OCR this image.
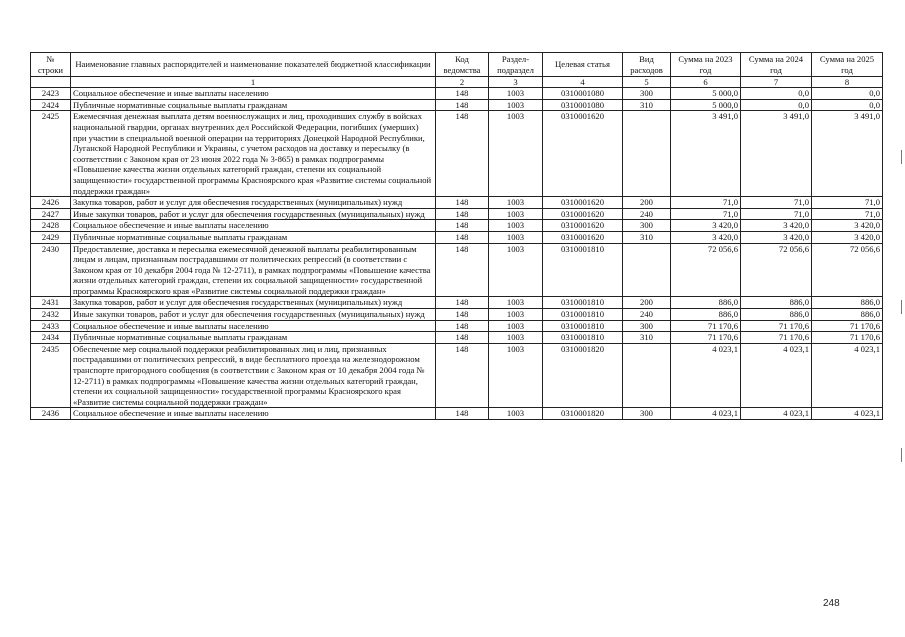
№ строки	Наименование главных распорядителей и наименование показателей бюджетной классификации	Код ведомства	Раздел-подраздел	Целевая статья	Вид расходов	Сумма на 2023 год	Сумма на 2024 год	Сумма на 2025 год
	1	2	3	4	5	6	7	8
2423	Социальное обеспечение и иные выплаты населению	148	1003	0310001080	300	5 000,0	0,0	0,0
2424	Публичные нормативные социальные выплаты гражданам	148	1003	0310001080	310	5 000,0	0,0	0,0
2425	Ежемесячная денежная выплата детям военнослужащих и лиц, проходивших службу в войсках национальной гвардии, органах внутренних дел Российской Федерации, погибших (умерших) при участии в специальной военной операции на территориях Донецкой Народной Республики, Луганской Народной Республики и Украины, с учетом расходов на доставку и пересылку (в соответствии с Законом края от 23 июня 2022 года № 3-865) в рамках подпрограммы «Повышение качества жизни отдельных категорий граждан, степени их социальной защищенности» государственной программы Красноярского края «Развитие системы социальной поддержки граждан»	148	1003	0310001620		3 491,0	3 491,0	3 491,0
2426	Закупка товаров, работ и услуг для обеспечения государственных (муниципальных) нужд	148	1003	0310001620	200	71,0	71,0	71,0
2427	Иные закупки товаров, работ и услуг для обеспечения государственных (муниципальных) нужд	148	1003	0310001620	240	71,0	71,0	71,0
2428	Социальное обеспечение и иные выплаты населению	148	1003	0310001620	300	3 420,0	3 420,0	3 420,0
2429	Публичные нормативные социальные выплаты гражданам	148	1003	0310001620	310	3 420,0	3 420,0	3 420,0
2430	Предоставление, доставка и пересылка ежемесячной денежной выплаты реабилитированным лицам и лицам, признанным пострадавшими от политических репрессий (в соответствии с Законом края от 10 декабря 2004 года № 12-2711), в рамках подпрограммы «Повышение качества жизни отдельных категорий граждан, степени их социальной защищенности» государственной программы Красноярского края «Развитие системы социальной поддержки граждан»	148	1003	0310001810		72 056,6	72 056,6	72 056,6
2431	Закупка товаров, работ и услуг для обеспечения государственных (муниципальных) нужд	148	1003	0310001810	200	886,0	886,0	886,0
2432	Иные закупки товаров, работ и услуг для обеспечения государственных (муниципальных) нужд	148	1003	0310001810	240	886,0	886,0	886,0
2433	Социальное обеспечение и иные выплаты населению	148	1003	0310001810	300	71 170,6	71 170,6	71 170,6
2434	Публичные нормативные социальные выплаты гражданам	148	1003	0310001810	310	71 170,6	71 170,6	71 170,6
2435	Обеспечение мер социальной поддержки реабилитированных лиц и лиц, признанных пострадавшими от политических репрессий, в виде бесплатного проезда на железнодорожном транспорте пригородного сообщения (в соответствии с Законом края от 10 декабря 2004 года № 12-2711) в рамках подпрограммы «Повышение качества жизни отдельных категорий граждан, степени их социальной защищенности» государственной программы Красноярского края «Развитие системы социальной поддержки граждан»	148	1003	0310001820		4 023,1	4 023,1	4 023,1
2436	Социальное обеспечение и иные выплаты населению	148	1003	0310001820	300	4 023,1	4 023,1	4 023,1
248
